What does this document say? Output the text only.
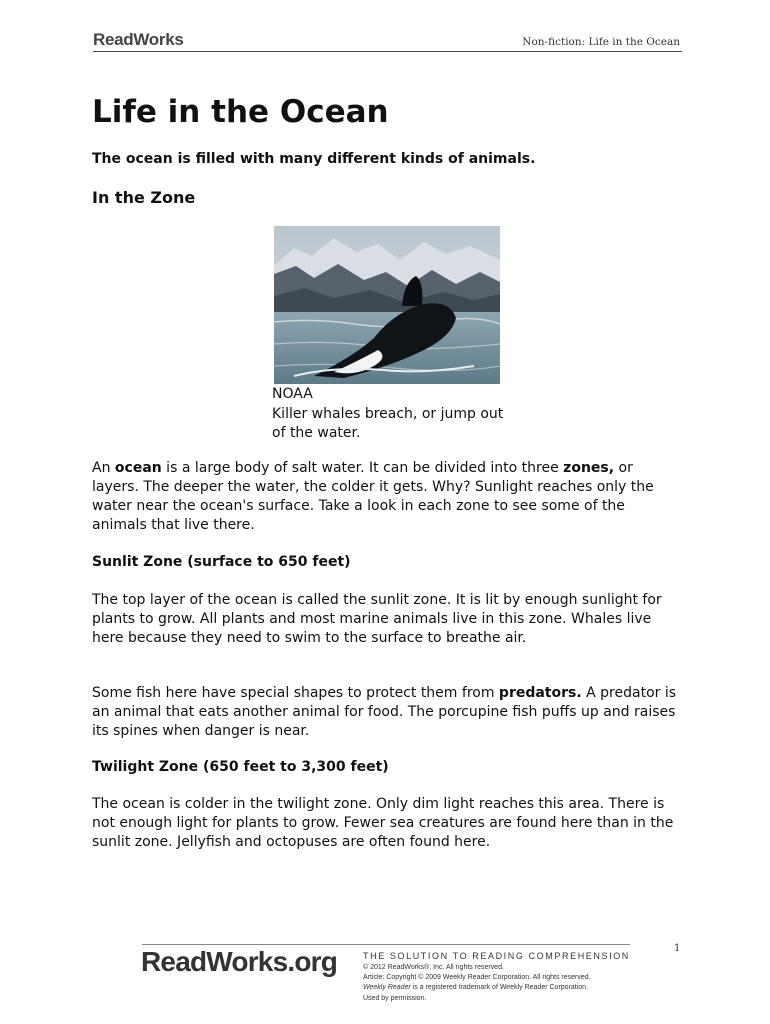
ReadWorks	Non-fiction: Life in the Ocean
Life in the Ocean

The ocean is filled with many different kinds of animals.

In the Zone
NOAA
Killer whales breach, or jump out of the water.

An ocean is a large body of salt water. It can be divided into three zones, or layers. The deeper the water, the colder it gets. Why? Sunlight reaches only the water near the ocean's surface. Take a look in each zone to see some of the animals that live there.

Sunlit Zone (surface to 650 feet)

The top layer of the ocean is called the sunlit zone. It is lit by enough sunlight for plants to grow. All plants and most marine animals live in this zone. Whales live here because they need to swim to the surface to breathe air.

Some fish here have special shapes to protect them from predators. A predator is an animal that eats another animal for food. The porcupine fish puffs up and raises its spines when danger is near.

Twilight Zone (650 feet to 3,300 feet)

The ocean is colder in the twilight zone. Only dim light reaches this area. There is not enough light for plants to grow. Fewer sea creatures are found here than in the sunlit zone. Jellyfish and octopuses are often found here.

ReadWorks.org	THE SOLUTION TO READING COMPREHENSION
© 2012 ReadWorks®, Inc. All rights reserved.
Article: Copyright © 2009 Weekly Reader Corporation. All rights reserved.
Weekly Reader is a registered trademark of Weekly Reader Corporation.
Used by permission.
1
